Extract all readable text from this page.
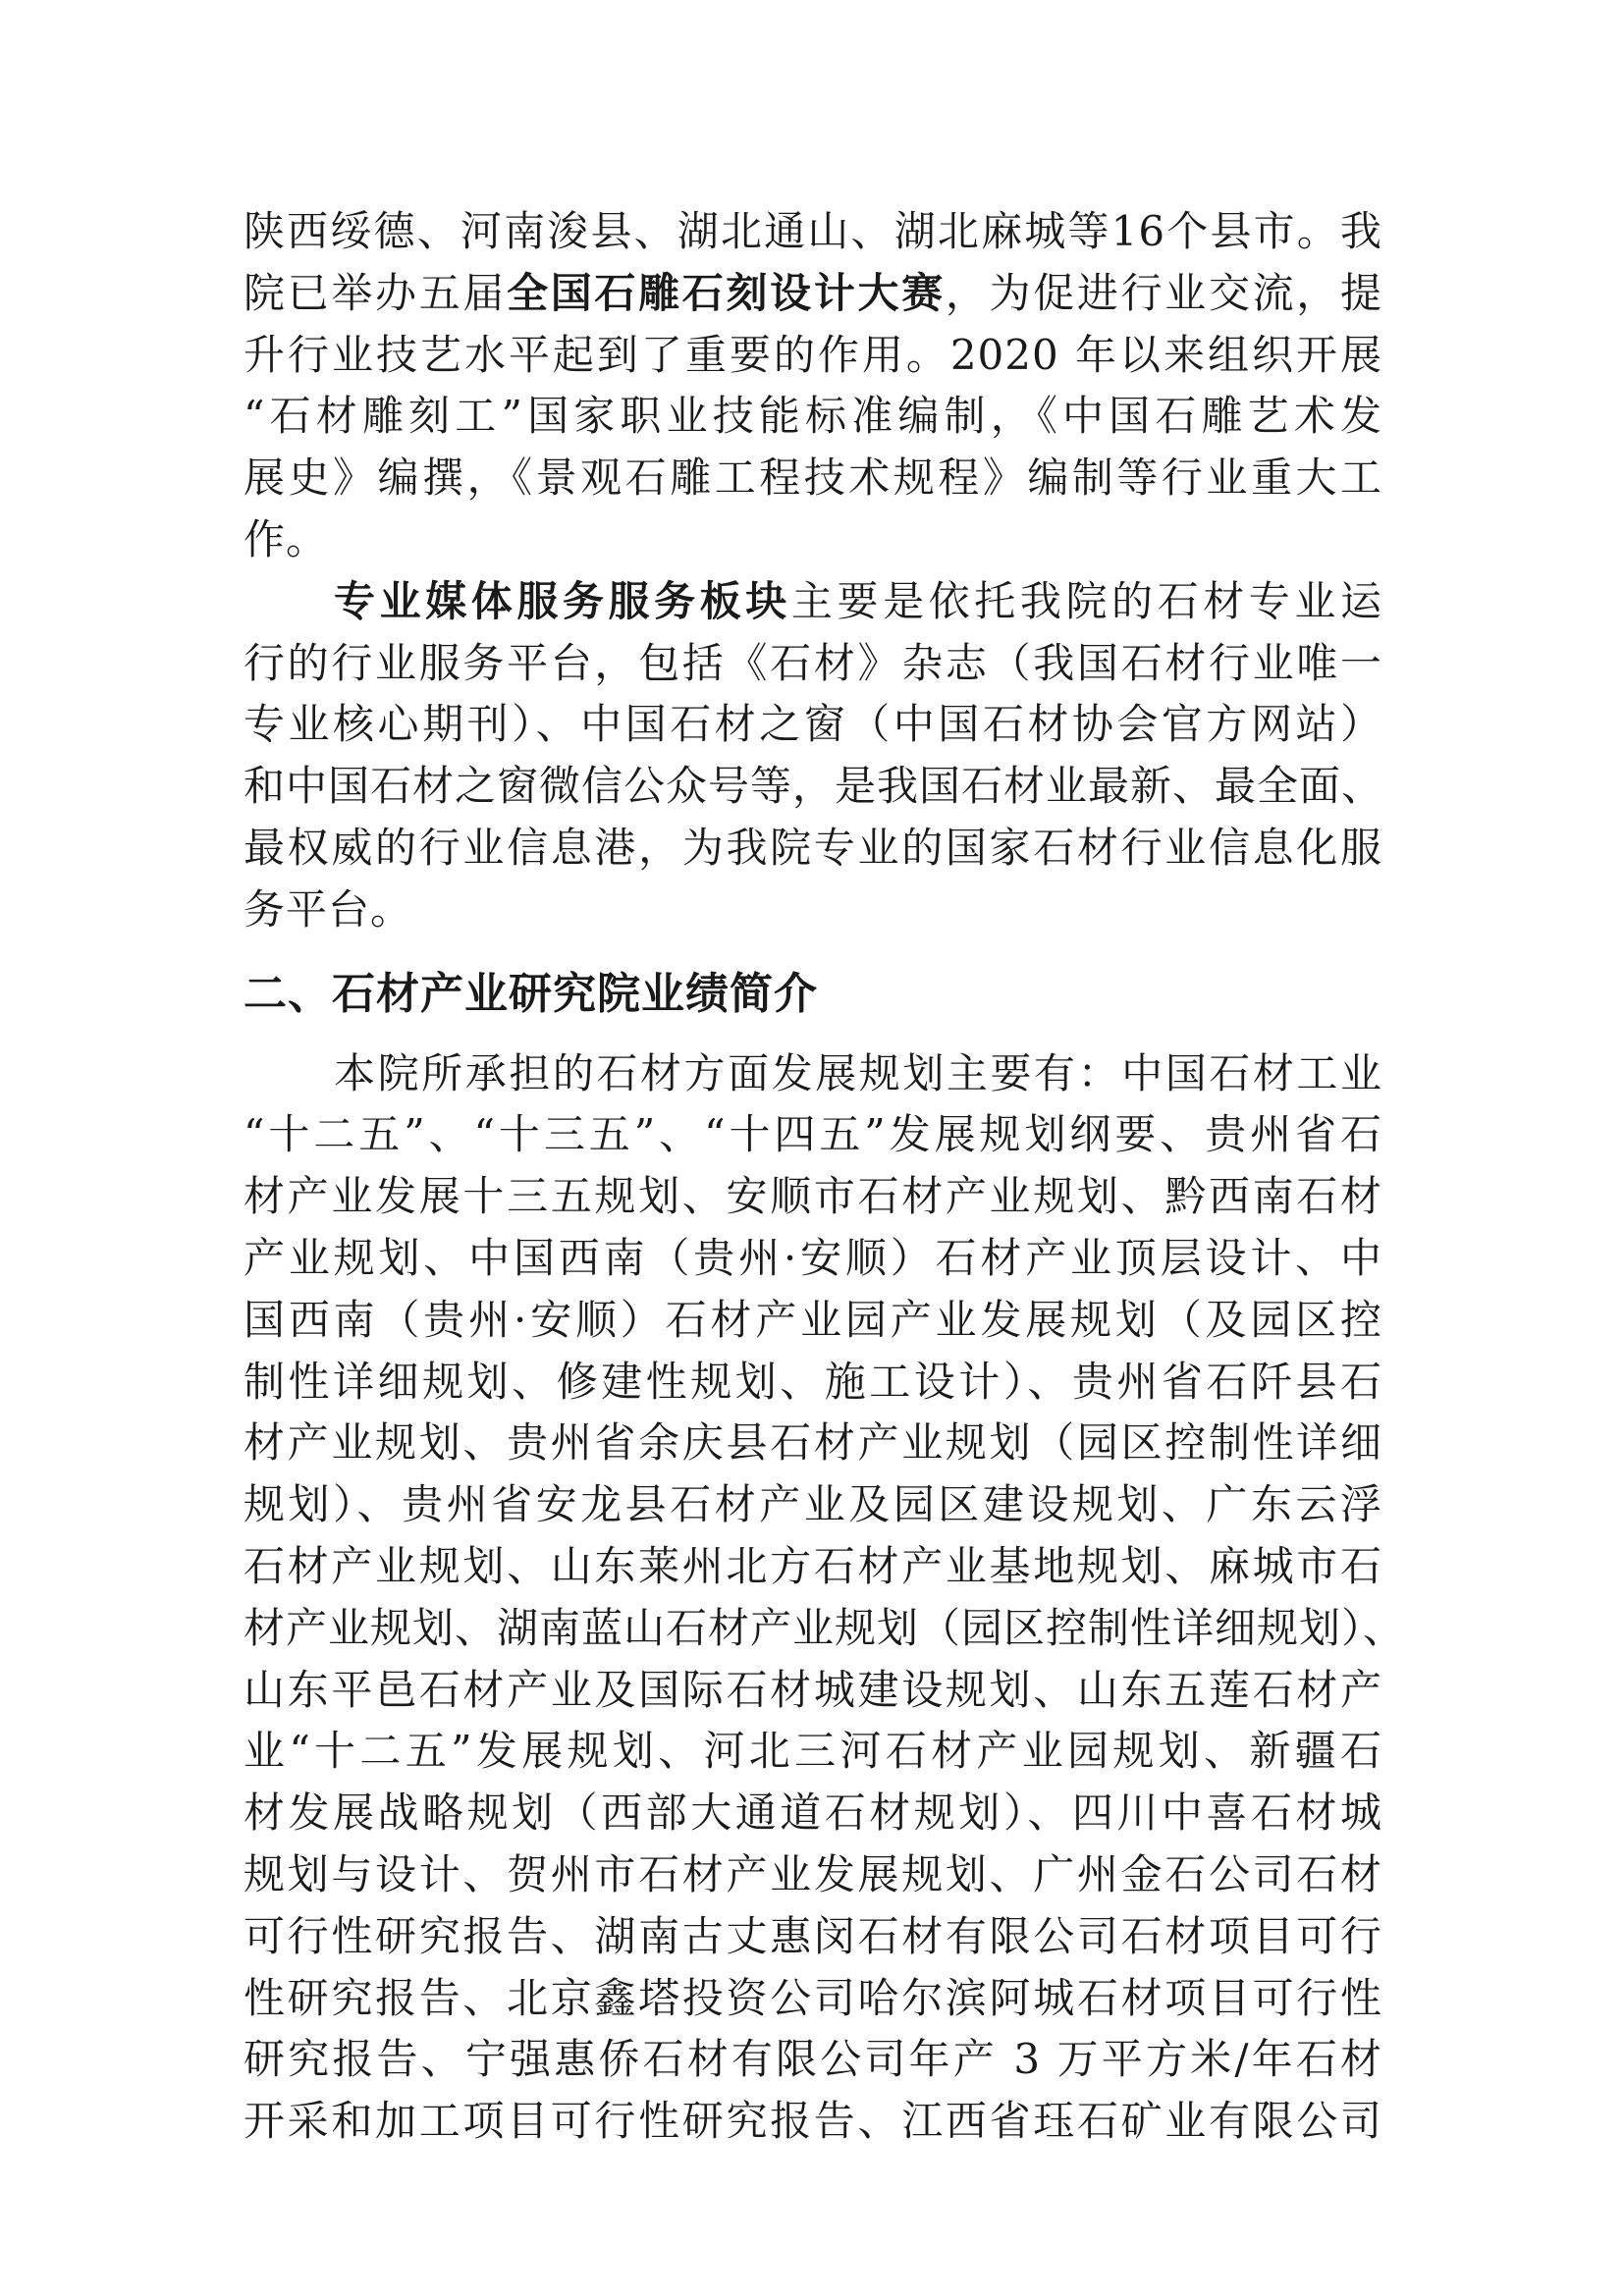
陕西绥德、河南浚县、湖北通山、湖北麻城等16个县市。我
院已举办五届全国石雕石刻设计大赛，为促进行业交流，提
升行业技艺水平起到了重要的作用。2020 年以来组织开展
“石材雕刻工”国家职业技能标准编制，《中国石雕艺术发
展史》编撰，《景观石雕工程技术规程》编制等行业重大工
作。
专业媒体服务服务板块主要是依托我院的石材专业运
行的行业服务平台，包括《石材》杂志（我国石材行业唯一
专业核心期刊）、中国石材之窗（中国石材协会官方网站）
和中国石材之窗微信公众号等，是我国石材业最新、最全面、
最权威的行业信息港，为我院专业的国家石材行业信息化服
务平台。
二、石材产业研究院业绩简介
本院所承担的石材方面发展规划主要有：中国石材工业
“十二五”、“十三五”、“十四五”发展规划纲要、贵州省石
材产业发展十三五规划、安顺市石材产业规划、黔西南石材
产业规划、中国西南（贵州·安顺）石材产业顶层设计、中
国西南（贵州·安顺）石材产业园产业发展规划（及园区控
制性详细规划、修建性规划、施工设计）、贵州省石阡县石
材产业规划、贵州省余庆县石材产业规划（园区控制性详细
规划）、贵州省安龙县石材产业及园区建设规划、广东云浮
石材产业规划、山东莱州北方石材产业基地规划、麻城市石
材产业规划、湖南蓝山石材产业规划（园区控制性详细规划）、
山东平邑石材产业及国际石材城建设规划、山东五莲石材产
业“十二五”发展规划、河北三河石材产业园规划、新疆石
材发展战略规划（西部大通道石材规划）、四川中喜石材城
规划与设计、贺州市石材产业发展规划、广州金石公司石材
可行性研究报告、湖南古丈惠闵石材有限公司石材项目可行
性研究报告、北京鑫塔投资公司哈尔滨阿城石材项目可行性
研究报告、宁强惠侨石材有限公司年产 3 万平方米/年石材
开采和加工项目可行性研究报告、江西省珏石矿业有限公司
